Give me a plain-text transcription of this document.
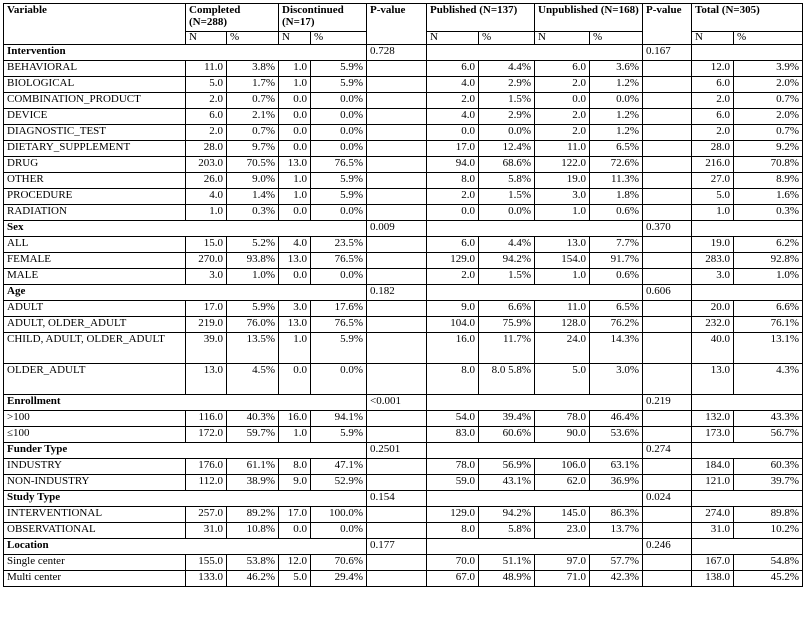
Variable	Completed (N=288)		Discontinued (N=17)		P-value	Published (N=137)		Unpublished (N=168)		P-value	Total (N=305)	
	N	%	N	%		N	%	N	%		N	%
Intervention					0.728					0.167		
BEHAVIORAL	11.0	3.8%	1.0	5.9%		6.0	4.4%	6.0	3.6%		12.0	3.9%
BIOLOGICAL	5.0	1.7%	1.0	5.9%		4.0	2.9%	2.0	1.2%		6.0	2.0%
COMBINATION_PRODUCT	2.0	0.7%	0.0	0.0%		2.0	1.5%	0.0	0.0%		2.0	0.7%
DEVICE	6.0	2.1%	0.0	0.0%		4.0	2.9%	2.0	1.2%		6.0	2.0%
DIAGNOSTIC_TEST	2.0	0.7%	0.0	0.0%		0.0	0.0%	2.0	1.2%		2.0	0.7%
DIETARY_SUPPLEMENT	28.0	9.7%	0.0	0.0%		17.0	12.4%	11.0	6.5%		28.0	9.2%
DRUG	203.0	70.5%	13.0	76.5%		94.0	68.6%	122.0	72.6%		216.0	70.8%
OTHER	26.0	9.0%	1.0	5.9%		8.0	5.8%	19.0	11.3%		27.0	8.9%
PROCEDURE	4.0	1.4%	1.0	5.9%		2.0	1.5%	3.0	1.8%		5.0	1.6%
RADIATION	1.0	0.3%	0.0	0.0%		0.0	0.0%	1.0	0.6%		1.0	0.3%
Sex					0.009					0.370		
ALL	15.0	5.2%	4.0	23.5%		6.0	4.4%	13.0	7.7%		19.0	6.2%
FEMALE	270.0	93.8%	13.0	76.5%		129.0	94.2%	154.0	91.7%		283.0	92.8%
MALE	3.0	1.0%	0.0	0.0%		2.0	1.5%	1.0	0.6%		3.0	1.0%
Age					0.182					0.606		
ADULT	17.0	5.9%	3.0	17.6%		9.0	6.6%	11.0	6.5%		20.0	6.6%
ADULT, OLDER_ADULT	219.0	76.0%	13.0	76.5%		104.0	75.9%	128.0	76.2%		232.0	76.1%
CHILD, ADULT, OLDER_ADULT	39.0	13.5%	1.0	5.9%		16.0	11.7%	24.0	14.3%		40.0	13.1%
OLDER_ADULT	13.0	4.5%	0.0	0.0%		8.0	8.0 5.8%	5.0	3.0%		13.0	4.3%
Enrollment					<0.001					0.219		
>100	116.0	40.3%	16.0	94.1%		54.0	39.4%	78.0	46.4%		132.0	43.3%
≤100	172.0	59.7%	1.0	5.9%		83.0	60.6%	90.0	53.6%		173.0	56.7%
Funder Type					0.2501					0.274		
INDUSTRY	176.0	61.1%	8.0	47.1%		78.0	56.9%	106.0	63.1%		184.0	60.3%
NON-INDUSTRY	112.0	38.9%	9.0	52.9%		59.0	43.1%	62.0	36.9%		121.0	39.7%
Study Type					0.154					0.024		
INTERVENTIONAL	257.0	89.2%	17.0	100.0%		129.0	94.2%	145.0	86.3%		274.0	89.8%
OBSERVATIONAL	31.0	10.8%	0.0	0.0%		8.0	5.8%	23.0	13.7%		31.0	10.2%
Location					0.177					0.246		
Single center	155.0	53.8%	12.0	70.6%		70.0	51.1%	97.0	57.7%		167.0	54.8%
Multi center	133.0	46.2%	5.0	29.4%		67.0	48.9%	71.0	42.3%		138.0	45.2%
